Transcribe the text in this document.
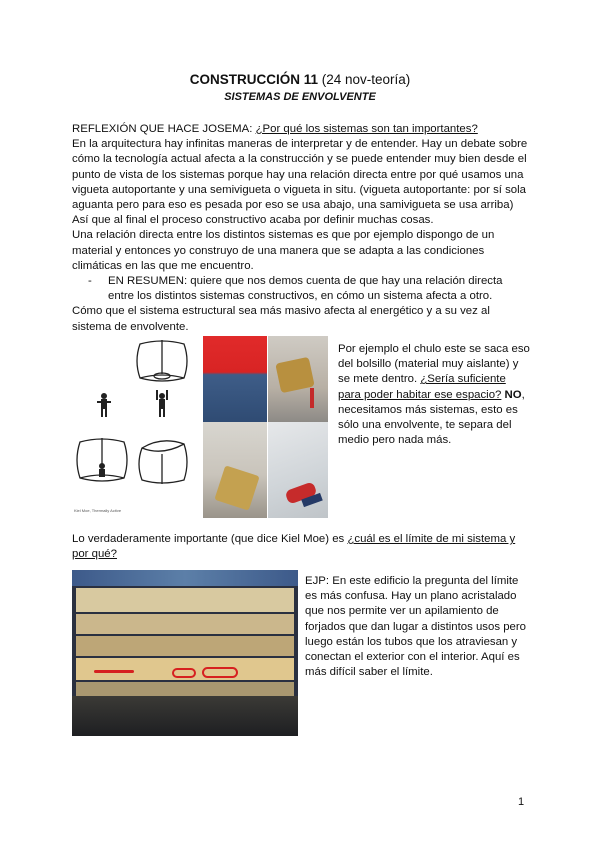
CONSTRUCCIÓN 11 (24 nov-teoría)
SISTEMAS DE ENVOLVENTE
REFLEXIÓN QUE HACE JOSEMA: ¿Por qué los sistemas son tan importantes?
En la arquitectura hay infinitas maneras de interpretar y de entender. Hay un debate sobre cómo la tecnología actual afecta a la construcción y se puede entender muy bien desde el punto de vista de los sistemas porque hay una relación directa entre por qué usamos una vigueta autoportante y una semivigueta o vigueta in situ. (vigueta autoportante: por sí sola aguanta pero para eso es pesada por eso se usa abajo, una samivigueta se usa arriba) Así que al final el proceso constructivo acaba por definir muchas cosas.
Una relación directa entre los distintos sistemas es que por ejemplo dispongo de un material y entonces yo construyo de una manera que se adapta a las condiciones climáticas en las que me encuentro.
- EN RESUMEN: quiere que nos demos cuenta de que hay una relación directa entre los distintos sistemas constructivos, en cómo un sistema afecta a otro.
Cómo que el sistema estructural sea más masivo afecta al energético y a su vez al sistema de envolvente.
Kiel Moe, Thermally Active
Por ejemplo el chulo este se saca eso del bolsillo (material muy aislante) y se mete dentro. ¿Sería suficiente para poder habitar ese espacio? NO, necesitamos más sistemas, esto es sólo una envolvente, te separa del medio pero nada más.
Lo verdaderamente importante (que dice Kiel Moe) es ¿cuál es el límite de mi sistema y por qué?
EJP: En este edificio la pregunta del límite es más confusa. Hay un plano acristalado que nos permite ver un apilamiento de forjados que dan lugar a distintos usos pero luego están los tubos que los atraviesan y conectan el exterior con el interior. Aquí es más difícil saber el límite.
1
